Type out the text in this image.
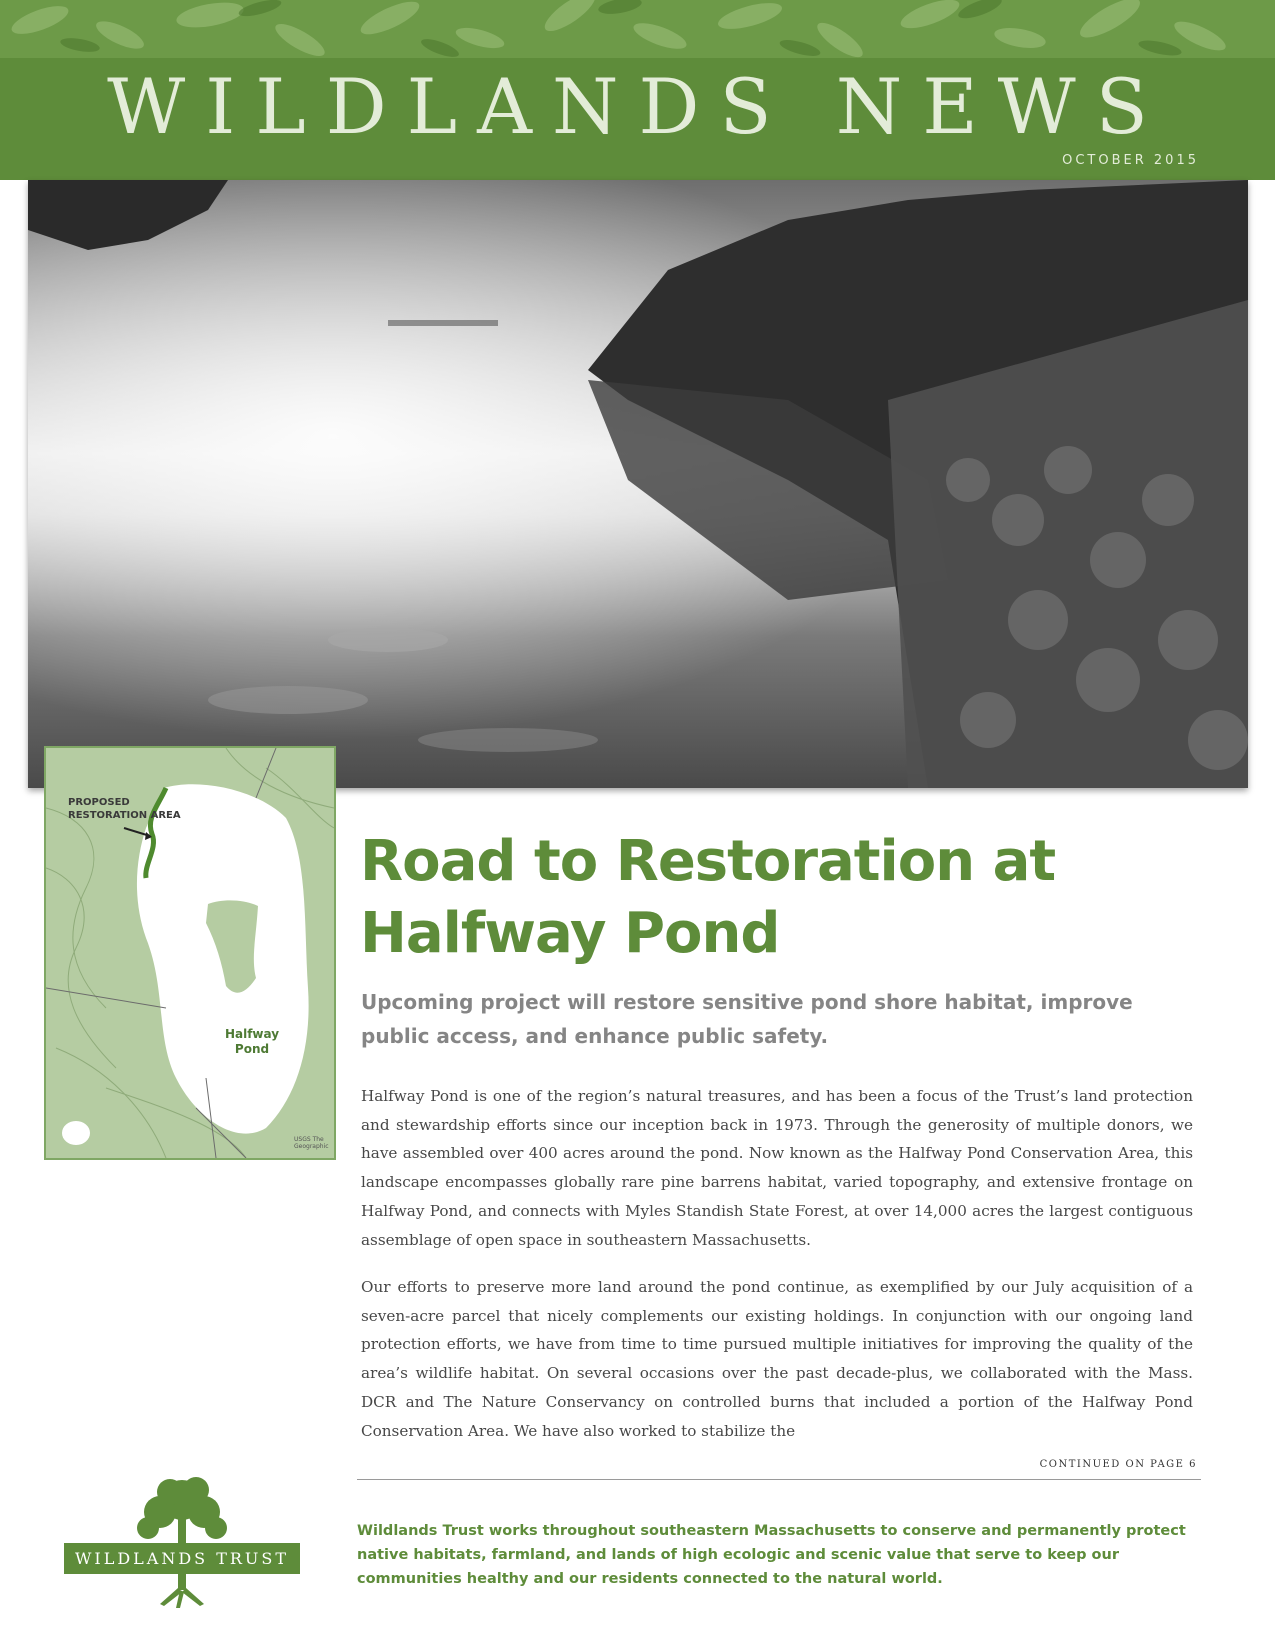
WILDLANDS NEWS
OCTOBER 2015
PROPOSED RESTORATION AREA
Halfway Pond
USGS The Geographic
Road to Restoration at Halfway Pond

Upcoming project will restore sensitive pond shore habitat, improve public access, and enhance public safety.

Halfway Pond is one of the region’s natural treasures, and has been a focus of the Trust’s land protection and stewardship efforts since our inception back in 1973. Through the generosity of multiple donors, we have assembled over 400 acres around the pond. Now known as the Halfway Pond Conservation Area, this landscape encompasses globally rare pine barrens habitat, varied topography, and extensive frontage on Halfway Pond, and connects with Myles Standish State Forest, at over 14,000 acres the largest contiguous assemblage of open space in southeastern Massachusetts.

Our efforts to preserve more land around the pond continue, as exemplified by our July acquisition of a seven-acre parcel that nicely complements our existing holdings. In conjunction with our ongoing land protection efforts, we have from time to time pursued multiple initiatives for improving the quality of the area’s wildlife habitat. On several occasions over the past decade-plus, we collaborated with the Mass. DCR and The Nature Conservancy on controlled burns that included a portion of the Halfway Pond Conservation Area. We have also worked to stabilize the

CONTINUED ON PAGE 6

Wildlands Trust works throughout southeastern Massachusetts to conserve and permanently protect native habitats, farmland, and lands of high ecologic and scenic value that serve to keep our communities healthy and our residents connected to the natural world.

WILDLANDS TRUST
